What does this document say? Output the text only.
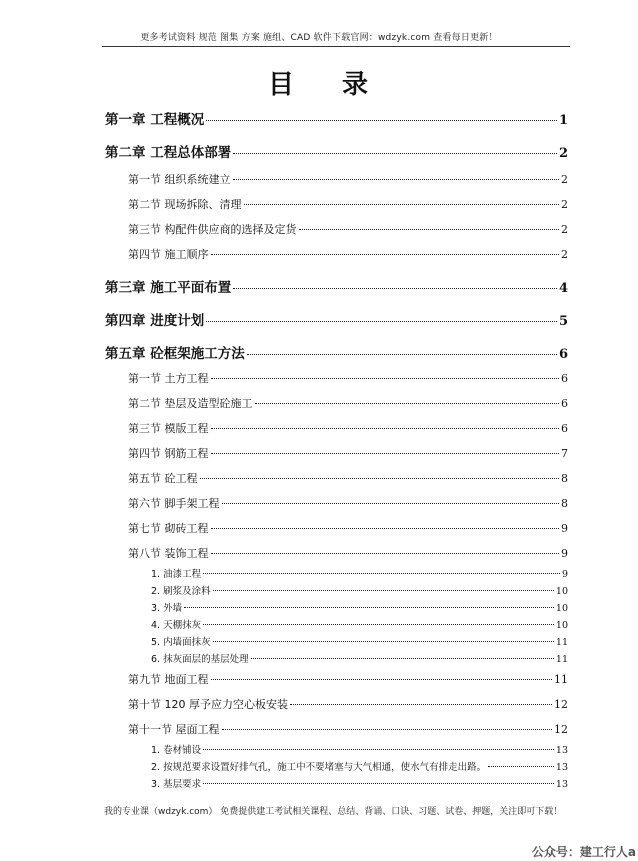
更多考试资料 规范 图集 方案 施组、CAD 软件下载官网：wdzyk.com 查看每日更新！
目 录
第一章 工程概况	1
第二章 工程总体部署	2
第一节 组织系统建立	2
第二节 现场拆除、清理	2
第三节 构配件供应商的选择及定货	2
第四节 施工顺序	2
第三章 施工平面布置	4
第四章 进度计划	5
第五章 砼框架施工方法	6
第一节 土方工程	6
第二节 垫层及造型砼施工	6
第三节 模版工程	6
第四节 钢筋工程	7
第五节 砼工程	8
第六节 脚手架工程	8
第七节 砌砖工程	9
第八节 装饰工程	9
1. 油漆工程	9
2. 刷浆及涂料	10
3. 外墙	10
4. 天棚抹灰	10
5. 内墙面抹灰	11
6. 抹灰面层的基层处理	11
第九节 地面工程	11
第十节 120 厚予应力空心板安装	12
第十一节 屋面工程	12
1. 卷材铺设	13
2. 按规范要求设置好排气孔，施工中不要堵塞与大气相通，使水气有排走出路。	13
3. 基层要求	13
我的专业课（wdzyk.com） 免费提供建工考试相关课程、总结、背诵、口诀、习题、试卷、押题，关注即可下载！
公众号：建工行人a
